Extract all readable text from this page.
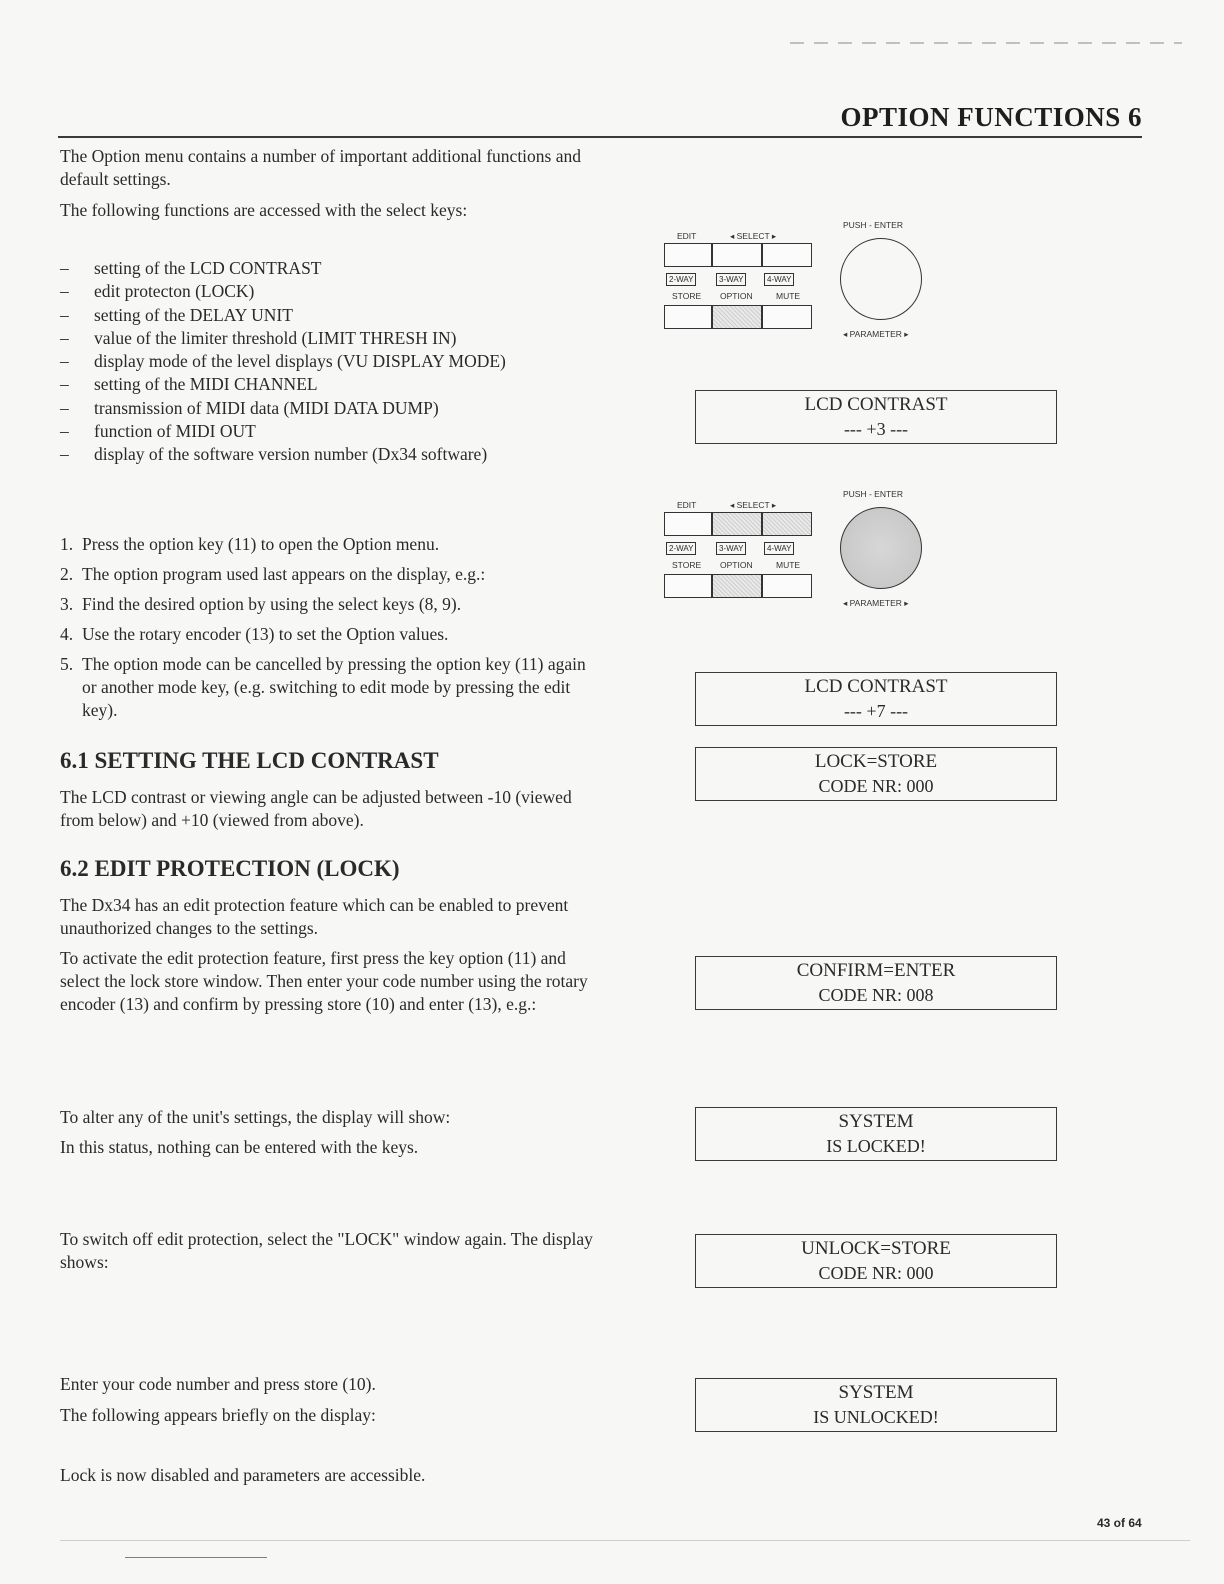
OPTION FUNCTIONS 6

The Option menu contains a number of important additional functions and default settings.

The following functions are accessed with the select keys:

– setting of the LCD CONTRAST
– edit protecton (LOCK)
– setting of the DELAY UNIT
– value of the limiter threshold (LIMIT THRESH IN)
– display mode of the level displays (VU DISPLAY MODE)
– setting of the MIDI CHANNEL
– transmission of MIDI data (MIDI DATA DUMP)
– function of MIDI OUT
– display of the software version number (Dx34 software)
1. Press the option key (11) to open the Option menu.
2. The option program used last appears on the display, e.g.:
3. Find the desired option by using the select keys (8, 9).
4. Use the rotary encoder (13) to set the Option values.
5. The option mode can be cancelled by pressing the option key (11) again or another mode key, (e.g. switching to edit mode by pressing the edit key).
6.1 SETTING THE LCD CONTRAST

The LCD contrast or viewing angle can be adjusted between -10 (viewed from below) and +10 (viewed from above).

6.2 EDIT PROTECTION (LOCK)

The Dx34 has an edit protection feature which can be enabled to prevent unauthorized changes to the settings.

To activate the edit protection feature, first press the key option (11) and select the lock store window. Then enter your code number using the rotary encoder (13) and confirm by pressing store (10) and enter (13), e.g.:

To alter any of the unit's settings, the display will show:

In this status, nothing can be entered with the keys.

To switch off edit protection, select the "LOCK" window again. The display shows:

Enter your code number and press store (10).

The following appears briefly on the display:

Lock is now disabled and parameters are accessible.

EDIT	◂ SELECT ▸
PUSH - ENTER
2-WAY	3-WAY	4-WAY
STORE OPTION	MUTE
◂ PARAMETER ▸
EDIT	◂ SELECT ▸
PUSH - ENTER
2-WAY	3-WAY	4-WAY
STORE OPTION	MUTE
◂ PARAMETER ▸
LCD CONTRAST
--- +3 ---
LCD CONTRAST
--- +7 ---
LOCK=STORE
CODE NR: 000
CONFIRM=ENTER
CODE NR: 008
SYSTEM
IS LOCKED!
UNLOCK=STORE
CODE NR: 000
SYSTEM
IS UNLOCKED!
43 of 64
